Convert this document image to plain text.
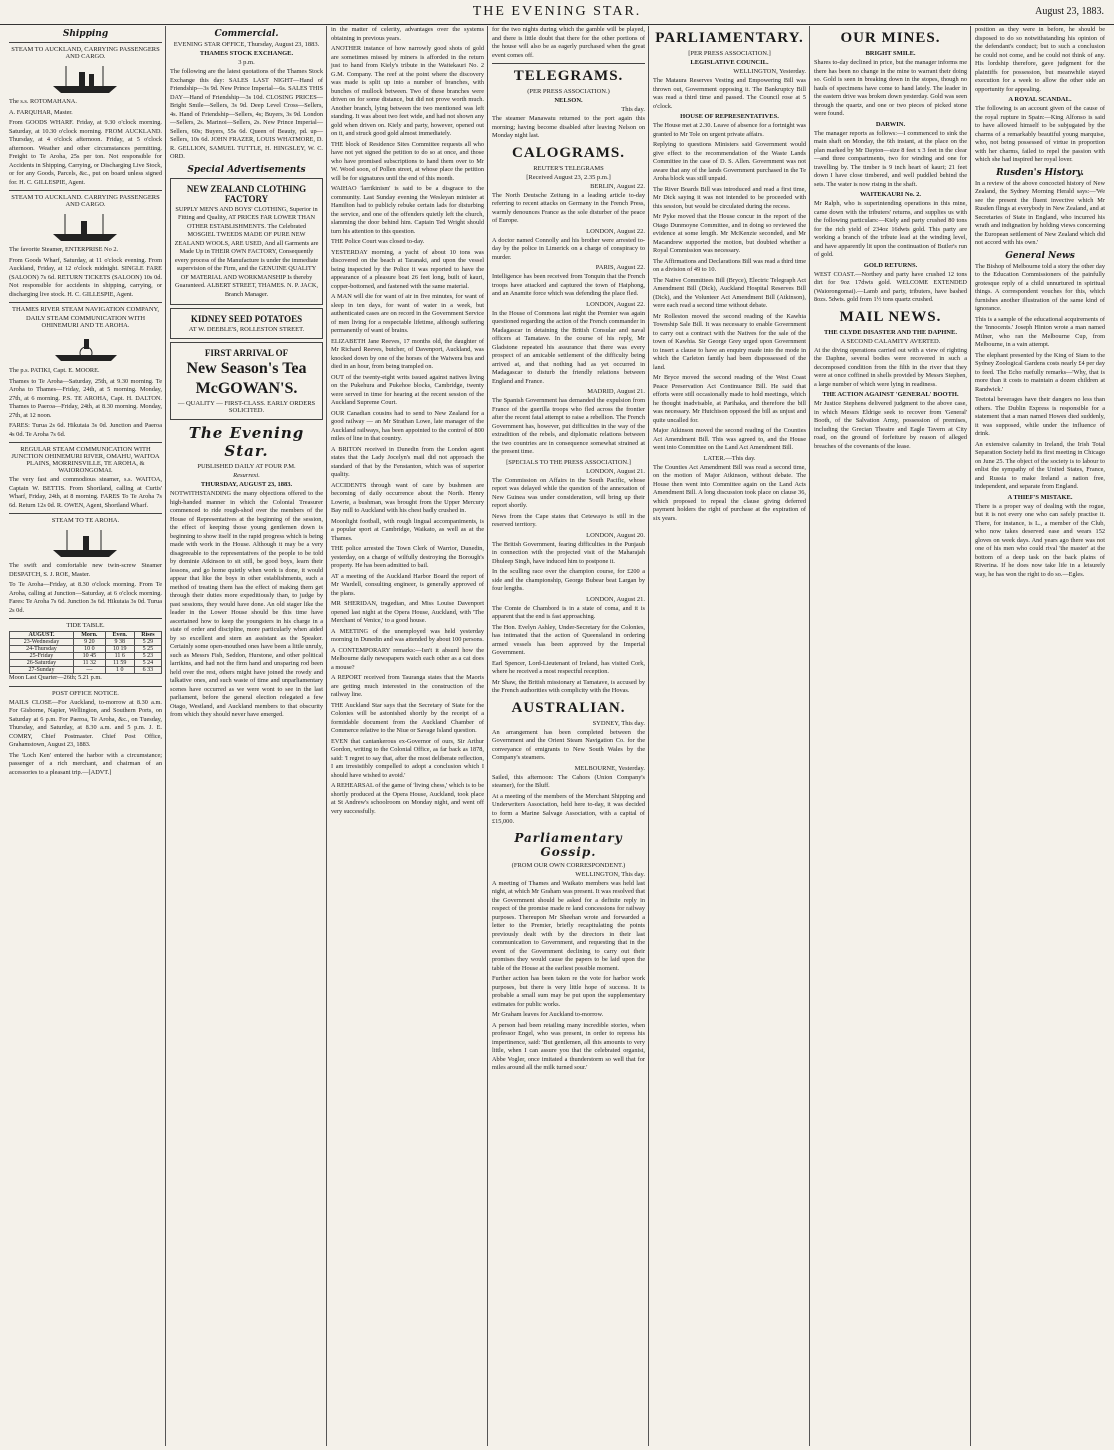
THE EVENING STAR.	August 23, 1883.
Shipping
STEAM TO AUCKLAND, CARRYING PASSENGERS AND CARGO.

The s.s. ROTOMAHANA.

A. FARQUHAR, Master.

From GOODS WHARF. Friday, at 9.30 o'clock morning. Saturday, at 10.30 o'clock morning. FROM AUCKLAND. Thursday, at 4 o'clock afternoon. Friday, at 5 o'clock afternoon. Weather and other circumstances permitting. Freight to Te Aroha, 25s per ton. Not responsible for Accidents in Shipping, Carrying, or Discharging Live Stock, or for any Goods, Parcels, &c., put on board unless signed for. H. C. GILLESPIE, Agent.

STEAM TO AUCKLAND. CARRYING PASSENGERS AND CARGO.

The favorite Steamer, ENTERPRISE No 2.

From Goods Wharf, Saturday, at 11 o'clock evening. From Auckland, Friday, at 12 o'clock midnight. SINGLE FARE (SALOON) 7s 6d. RETURN TICKETS (SALOON) 10s 0d. Not responsible for accidents in shipping, carrying, or discharging live stock. H. C. GILLESPIE, Agent.

THAMES RIVER STEAM NAVIGATION COMPANY,
DAILY STEAM COMMUNICATION WITH OHINEMURI AND TE AROHA.

The p.s. PATIKI, Capt. E. MOORE.

Thames to Te Aroha—Saturday, 25th, at 9.30 morning. Te Aroha to Thames—Friday, 24th, at 5 morning. Monday, 27th, at 6 morning. P.S. TE AROHA, Capt. H. DALTON. Thames to Paeroa—Friday, 24th, at 8.30 morning. Monday, 27th, at 12 noon.

FARES: Turua 2s 6d. Hikutaia 3s 0d. Junction and Paeroa 4s 0d. Te Aroha 7s 6d.

REGULAR STEAM COMMUNICATION WITH JUNCTION OHINEMURI RIVER, OMAHU, WAITOA PLAINS, MORRINSVILLE, TE AROHA, & WAIORONGOMAI.

The very fast and commodious steamer, s.s. WAITOA, Captain W. BETTIS. From Shortland, calling at Curtis' Wharf, Friday, 24th, at 8 morning. FARES To Te Aroha 7s 6d. Return 12s 0d. R. OWEN, Agent, Shortland Wharf.

STEAM TO TE AROHA.

The swift and comfortable new twin-screw Steamer DESPATCH, S. J. ROE, Master.

To Te Aroha—Friday, at 8.30 o'clock morning. From Te Aroha, calling at Junction—Saturday, at 6 o'clock morning. Fares: Te Aroha 7s 6d. Junction 3s 6d. Hikutaia 3s 0d. Turua 2s 0d.

TIDE TABLE.
AUGUST.	Morn.	Even.	Rises
23-Wednesday	9 20	9 38	5 29
24-Thursday	10 0	10 19	5 25
25-Friday	10 45	11 6	5 23
26-Saturday	11 32	11 59	5 24
27-Sunday	—	1 0	6 33

Moon Last Quarter—26th; 5.21 p.m.

POST OFFICE NOTICE.

MAILS CLOSE—For Auckland, to-morrow at 8.30 a.m. For Gisborne, Napier, Wellington, and Southern Ports, on Saturday at 6 p.m. For Paeroa, Te Aroha, &c., on Tuesday, Thursday, and Saturday, at 8.30 a.m. and 5 p.m. J. E. COMRY, Chief Postmaster. Chief Post Office, Grahamstown, August 23, 1883.

The 'Loch Ken' entered the harbor with a circumstance; passenger of a rich merchant, and chairman of an accessories to a pleasant trip.—[ADVT.]

Commercial.
EVENING STAR OFFICE, Thursday, August 23, 1883.
THAMES STOCK EXCHANGE.
3 p.m.

The following are the latest quotations of the Thames Stock Exchange this day: SALES LAST NIGHT—Hand of Friendship—3s 9d. New Prince Imperial—6s. SALES THIS DAY—Hand of Friendship—3s 10d. CLOSING PRICES—Bright Smile—Sellers, 3s 9d. Deep Level Cross—Sellers, 4s. Hand of Friendship—Sellers, 4s; Buyers, 3s 9d. London—Sellers, 2s. Marinoi—Sellers, 2s. New Prince Imperial—Sellers, 60s; Buyers, 55s 6d. Queen of Beauty, pd. up—Sellers, 10s 6d. JOHN FRAZER, LOUIS WHATMORE, D. R. GELLION, SAMUEL TUTTLE, H. HINGSLEY, W. C. ORD.

Special Advertisements
NEW ZEALAND CLOTHING FACTORY

SUPPLY MEN'S AND BOYS' CLOTHING, Superior in Fitting and Quality, AT PRICES FAR LOWER THAN OTHER ESTABLISHMENTS. The Celebrated MOSGIEL TWEEDS MADE OF PURE NEW ZEALAND WOOLS, ARE USED, And all Garments are Made Up in THEIR OWN FACTORY, Consequently every process of the Manufacture is under the immediate supervision of the Firm, and the GENUINE QUALITY OF MATERIAL AND WORKMANSHIP Is thereby Guaranteed. ALBERT STREET, THAMES. N. P. JACK, Branch Manager.

KIDNEY SEED POTATOES
AT W. DEEBLE'S, ROLLESTON STREET.
FIRST ARRIVAL OF
New Season's Tea
McGOWAN'S.
— QUALITY — FIRST-CLASS. EARLY ORDERS SOLICITED.
The Evening Star.
PUBLISHED DAILY AT FOUR P.M.
Resurrexi.
THURSDAY, AUGUST 23, 1883.

NOTWITHSTANDING the many objections offered to the high-handed manner in which the Colonial Treasurer commenced to ride rough-shod over the members of the House of Representatives at the beginning of the session, the effect of keeping those young gentlemen down is beginning to show itself in the rapid progress which is being made with work in the House. Although it may be a very disagreeable to the representatives of the people to be told by dominie Atkinson to sit still, be good boys, learn their lessons, and go home quietly when work is done, it would appear that like the boys in other establishments, such a method of treating them has the effect of making them get through their duties more expeditiously than, to judge by past sessions, they would have done. An old stager like the leader in the Lower House should be this time have ascertained how to keep the youngsters in his charge in a state of order and discipline, more particularly when aided by so excellent and stern an assistant as the Speaker. Certainly some open-mouthed ones have been a little unruly, such as Messrs Fish, Seddon, Hurstone, and other political larrikins, and had not the firm hand and unsparing rod been held over the rest, others might have joined the rowdy and talkative ones, and such waste of time and unparliamentary scenes have occurred as we were wont to see in the last parliament, before the general election relegated a few Otago, Westland, and Auckland members to that obscurity from which they should never have emerged.

in the matter of celerity, advantages over the systems obtaining in previous years.

ANOTHER instance of how narrowly good shots of gold are sometimes missed by miners is afforded in the return just to hand from Kiely's tribute in the Waitekauri No. 2 G.M. Company. The reef at the point where the discovery was made is split up into a number of branches, with bunches of mullock between. Two of these branches were driven on for some distance, but did not prove worth much. Another branch, lying between the two mentioned was left standing. It was about two feet wide, and had not shown any gold when driven on. Kiely and party, however, opened out on it, and struck good gold almost immediately.

THE block of Residence Sites Committee requests all who have not yet signed the petition to do so at once, and those who have promised subscriptions to hand them over to Mr W. Wood soon, of Pollen street, at whose place the petition will be for signatures until the end of this month.

WAIHAO 'larrikinism' is said to be a disgrace to the community. Last Sunday evening the Wesleyan minister at Hamilton had to publicly rebuke certain lads for disturbing the service, and one of the offenders quietly left the church, slamming the door behind him. Captain Ted Wright should turn his attention to this question.

THE Police Court was closed to-day.

YESTERDAY morning, a yacht of about 10 tons was discovered on the beach at Taranaki, and upon the vessel being inspected by the Police it was reported to have the appearance of a pleasure boat 26 feet long, built of kauri, copper-bottomed, and fastened with the same material.

A MAN will die for want of air in five minutes, for want of sleep in ten days, for want of water in a week, but authenticated cases are on record in the Government Service of men living for a respectable lifetime, although suffering permanently of want of brains.

ELIZABETH Jane Reeves, 17 months old, the daughter of Mr Richard Reeves, butcher, of Davenport, Auckland, was knocked down by one of the horses of the Waiwera bus and died in an hour, from being trampled on.

OUT of the twenty-eight writs issued against natives living on the Pukehura and Pukehoe blocks, Cambridge, twenty were served in time for hearing at the recent session of the Auckland Supreme Court.

OUR Canadian cousins had to send to New Zealand for a good railway — an Mr Strathan Lowe, late manager of the Auckland railways, has been appointed to the control of 800 miles of line in that country.

A BRITON received in Dunedin from the London agent states that the Lady Jocelyn's mail did not approach the standard of that by the Fenstanton, which was of superior quality.

ACCIDENTS through want of care by bushmen are becoming of daily occurrence about the North. Henry Lowrie, a bushman, was brought from the Upper Mercury Bay mill to Auckland with his chest badly crushed in.

Moonlight football, with rough lingual accompaniments, is a popular sport at Cambridge, Waikato, as well as at the Thames.

THE police arrested the Town Clerk of Warrior, Dunedin, yesterday, on a charge of wilfully destroying the Borough's property. He has been admitted to bail.

AT a meeting of the Auckland Harbor Board the report of Mr Wardell, consulting engineer, is generally approved of the plans.

MR SHERIDAN, tragedian, and Miss Louise Davenport opened last night at the Opera House, Auckland, with 'The Merchant of Venice,' to a good house.

A MEETING of the unemployed was held yesterday morning in Dunedin and was attended by about 100 persons.

A CONTEMPORARY remarks:—Isn't it absurd how the Melbourne daily newspapers watch each other as a cat does a mouse?

A REPORT received from Tauranga states that the Maoris are getting much interested in the construction of the railway line.

THE Auckland Star says that the Secretary of State for the Colonies will be astonished shortly by the receipt of a formidable document from the Auckland Chamber of Commerce relative to the Niue or Savage Island question.

EVEN that cantankerous ex-Governor of ours, Sir Arthur Gordon, writing to the Colonial Office, as far back as 1878, said: 'I regret to say that, after the most deliberate reflection, I am irresistibly compelled to adopt a conclusion which I should have wished to avoid.'

A REHEARSAL of the game of 'living chess,' which is to be shortly produced at the Opera House, Auckland, took place at St Andrew's schoolroom on Monday night, and went off very successfully.

for the two nights during which the gamble will be played, and there is little doubt that there for the other portions of the house will also be as eagerly purchased when the great event comes off.

TELEGRAMS.
(PER PRESS ASSOCIATION.)
NELSON.
This day.

The steamer Manawatu returned to the port again this morning; having become disabled after leaving Nelson on Monday night last.

CALOGRAMS.
REUTER'S TELEGRAMS
[Received August 23, 2.35 p.m.]
BERLIN, August 22.

The North Deutsche Zeitung in a leading article to-day referring to recent attacks on Germany in the French Press, warmly denounces France as the sole disturber of the peace of Europe.

LONDON, August 22.

A doctor named Connolly and his brother were arrested to-day by the police in Limerick on a charge of conspiracy to murder.

PARIS, August 22.

Intelligence has been received from Tonquin that the French troops have attacked and captured the town of Haiphong, and an Anamite force which was defending the place fled.

LONDON, August 22.

In the House of Commons last night the Premier was again questioned regarding the action of the French commander in Madagascar in detaining the British Consular and naval officers at Tamatave. In the course of his reply, Mr Gladstone repeated his assurance that there was every prospect of an amicable settlement of the difficulty being arrived at, and that nothing had as yet occurred in Madagascar to disturb the friendly relations between England and France.

MADRID, August 21.

The Spanish Government has demanded the expulsion from France of the guerilla troops who fled across the frontier after the recent fatal attempt to raise a rebellion. The French Government has, however, put difficulties in the way of the extradition of the rebels, and diplomatic relations between the two countries are in consequence somewhat strained at the present time.

[SPECIALS TO THE PRESS ASSOCIATION.]
LONDON, August 21.

The Commission on Affairs in the South Pacific, whose report was delayed while the question of the annexation of New Guinea was under consideration, will bring up their report shortly.

News from the Cape states that Cetewayo is still in the reserved territory.

LONDON, August 20.

The British Government, fearing difficulties in the Punjaub in connection with the projected visit of the Maharajah Dhuleep Singh, have induced him to postpone it.

In the sculling race over the champion course, for £200 a side and the championship, George Bubear beat Largan by four lengths.

LONDON, August 21.

The Comte de Chambord is in a state of coma, and it is apparent that the end is fast approaching.

The Hon. Evelyn Ashley, Under-Secretary for the Colonies, has intimated that the action of Queensland in ordering armed vessels has been approved by the Imperial Government.

Earl Spencer, Lord-Lieutenant of Ireland, has visited Cork, where he received a most respectful reception.

Mr Shaw, the British missionary at Tamatave, is accused by the French authorities with complicity with the Hovas.

AUSTRALIAN.
SYDNEY, This day.

An arrangement has been completed between the Government and the Orient Steam Navigation Co. for the conveyance of emigrants to New South Wales by the Company's steamers.

MELBOURNE, Yesterday.

Sailed, this afternoon: The Cahors (Union Company's steamer), for the Bluff.

At a meeting of the members of the Merchant Shipping and Underwriters Association, held here to-day, it was decided to form a Marine Salvage Association, with a capital of £15,000.

Parliamentary Gossip.
(FROM OUR OWN CORRESPONDENT.)
WELLINGTON, This day.

A meeting of Thames and Waikato members was held last night, at which Mr Graham was present. It was resolved that the Government should be asked for a definite reply in respect of the promise made re land concessions for railway purposes. Thereupon Mr Sheehan wrote and forwarded a letter to the Premier, briefly recapitulating the points previously dealt with by the directors in their last communication to Government, and requesting that in the event of the Government declining to carry out their promises they would cause the papers to be laid upon the table of the House at the earliest possible moment.

Further action has been taken re the vote for harbor work purposes, but there is very little hope of success. It is probable a small sum may be put upon the supplementary estimates for public works.

Mr Graham leaves for Auckland to-morrow.

A person had been retailing many incredible stories, when professor Engel, who was present, in order to repress his impertinence, said: 'But gentlemen, all this amounts to very little, when I can assure you that the celebrated organist, Abbe Vogler, once imitated a thunderstorm so well that for miles around all the milk turned sour.'

PARLIAMENTARY.
[PER PRESS ASSOCIATION.]
LEGISLATIVE COUNCIL.
WELLINGTON, Yesterday.

The Mataura Reserves Vesting and Empowering Bill was thrown out, Government opposing it. The Bankruptcy Bill was read a third time and passed. The Council rose at 5 o'clock.

HOUSE OF REPRESENTATIVES.

The House met at 2.30. Leave of absence for a fortnight was granted to Mr Tole on urgent private affairs.

Replying to questions Ministers said Government would give effect to the recommendation of the Waste Lands Committee in the case of D. S. Allen. Government was not aware that any of the lands Government purchased in the Te Aroha block was still unpaid.

The River Boards Bill was introduced and read a first time, Mr Dick saying it was not intended to be proceeded with this session, but would be circulated during the recess.

Mr Pyke moved that the House concur in the report of the Otago Dunmoyne Committee, and in doing so reviewed the evidence at some length. Mr McKenzie seconded, and Mr Macandrew supported the motion, but doubted whether a Royal Commission was necessary.

The Affirmations and Declarations Bill was read a third time on a division of 49 to 10.

The Native Committees Bill (Bryce), Electric Telegraph Act Amendment Bill (Dick), Auckland Hospital Reserves Bill (Dick), and the Volunteer Act Amendment Bill (Atkinson), were each read a second time without debate.

Mr Rolleston moved the second reading of the Kawhia Township Sale Bill. It was necessary to enable Government to carry out a contract with the Natives for the sale of the town of Kawhia. Sir George Grey urged upon Government to insert a clause to have an enquiry made into the mode in which the Carleton family had been dispossessed of the land.

Mr Bryce moved the second reading of the West Coast Peace Preservation Act Continuance Bill. He said that efforts were still occasionally made to hold meetings, which he thought inadvisable, at Parihaka, and therefore the bill was necessary. Mr Hutchison opposed the bill as unjust and quite uncalled for.

Major Atkinson moved the second reading of the Counties Act Amendment Bill. This was agreed to, and the House went into Committee on the Land Act Amendment Bill.

LATER.—This day.

The Counties Act Amendment Bill was read a second time, on the motion of Major Atkinson, without debate. The House then went into Committee again on the Land Acts Amendment Bill. A long discussion took place on clause 36, which proposed to repeal the clause giving deferred payment holders the right of purchase at the expiration of six years.

OUR MINES.
BRIGHT SMILE.

Shares to-day declined in price, but the manager informs me there has been no change in the mine to warrant their doing so. Gold is seen in breaking down in the stopes, though no hauls of specimens have come to hand lately. The leader in the eastern drive was broken down yesterday. Gold was seen through the quartz, and one or two pieces of picked stone were found.

DARWIN.

The manager reports as follows:—I commenced to sink the main shaft on Monday, the 6th instant, at the place on the plan marked by Mr Dayton—size 8 feet x 3 feet in the clear—and three compartments, two for winding and one for travelling by. The timber is 9 inch heart of kauri; 21 feet down I have close timbered, and well puddled behind the sets. The water is now rising in the shaft.

WAITEKAURI No. 2.

Mr Ralph, who is superintending operations in this mine, came down with the tributers' returns, and supplies us with the following particulars:—Kiely and party crushed 80 tons for the rich yield of 234oz 16dwts gold. This party are working a branch of the tribute lead at the winding level, and have apparently lit upon the continuation of Butler's run of gold.

GOLD RETURNS.

WEST COAST.—Northey and party have crushed 12 tons dirt for 9oz 17dwts gold. WELCOME EXTENDED (Waiorongomai).—Lamb and party, tributers, have bashed 8ozs. 5dwts. gold from 1½ tons quartz crushed.

MAIL NEWS.
THE CLYDE DISASTER AND THE DAPHNE.
A SECOND CALAMITY AVERTED.

At the diving operations carried out with a view of righting the Daphne, several bodies were recovered in such a decomposed condition from the filth in the river that they were at once coffined in shells provided by Messrs Stephen, a large number of which were lying in readiness.

THE ACTION AGAINST 'GENERAL' BOOTH.

Mr Justice Stephens delivered judgment to the above case, in which Messrs Eldrige seek to recover from 'General' Booth, of the Salvation Army, possession of premises, including the Grecian Theatre and Eagle Tavern at City road, on the ground of forfeiture by reason of alleged breaches of the covenants of the lease.

position as they were in before, he should be disposed to do so notwithstanding his opinion of the defendant's conduct; but to such a conclusion he could not come, and he could not think of any. His lordship therefore, gave judgment for the plaintiffs for possession, but meanwhile stayed execution for a week to allow the other side an opportunity for appealing.

A ROYAL SCANDAL.

The following is an account given of the cause of the royal rupture in Spain:—King Alfonso is said to have allowed himself to be subjugated by the charms of a remarkably beautiful young marquise, who, not being possessed of virtue in proportion with her charms, failed to repel the passion with which she had inspired her royal lover.

Rusden's History.

In a review of the above concocted history of New Zealand, the Sydney Morning Herald says:—'We see the present the fluent invective which Mr Rusden flings at everybody in New Zealand, and at Secretaries of State in England, who incurred his wrath and indignation by holding views concerning the European settlement of New Zealand which did not accord with his own.'

General News

The Bishop of Melbourne told a story the other day to the Education Commissioners of the painfully grotesque reply of a child unnurtured in spiritual things. A correspondent vouches for this, which furnishes another illustration of the same kind of ignorance.

This is a sample of the educational acquirements of the 'Innocents.' Joseph Hinton wrote a man named Milner, who ran the Melbourne Cup, from Melbourne, in a vain attempt.

The elephant presented by the King of Siam to the Sydney Zoological Gardens costs nearly £4 per day to feed. The Echo ruefully remarks—'Why, that is more than it costs to maintain a dozen children at Randwick.'

Teetotal beverages have their dangers no less than others. The Dublin Express is responsible for a statement that a man named Howes died suddenly, it was supposed, while under the influence of drink.

An extensive calamity in Ireland, the Irish Total Separation Society held its first meeting in Chicago on June 25. The object of the society is to labour to enlist the sympathy of the United States, France, and Russia to make Ireland a nation free, independent, and separate from England.

A THIEF'S MISTAKE.

There is a proper way of dealing with the rogue, but it is not every one who can safely practise it. There, for instance, is L., a member of the Club, who now takes deserved ease and wears 152 gloves on week days. And years ago there was not one of his men who could rival 'the master' at the bottom of a deep task on the back plains of Riverina. If he does now take life in a leisurely way, he has won the right to do so.—Egles.
